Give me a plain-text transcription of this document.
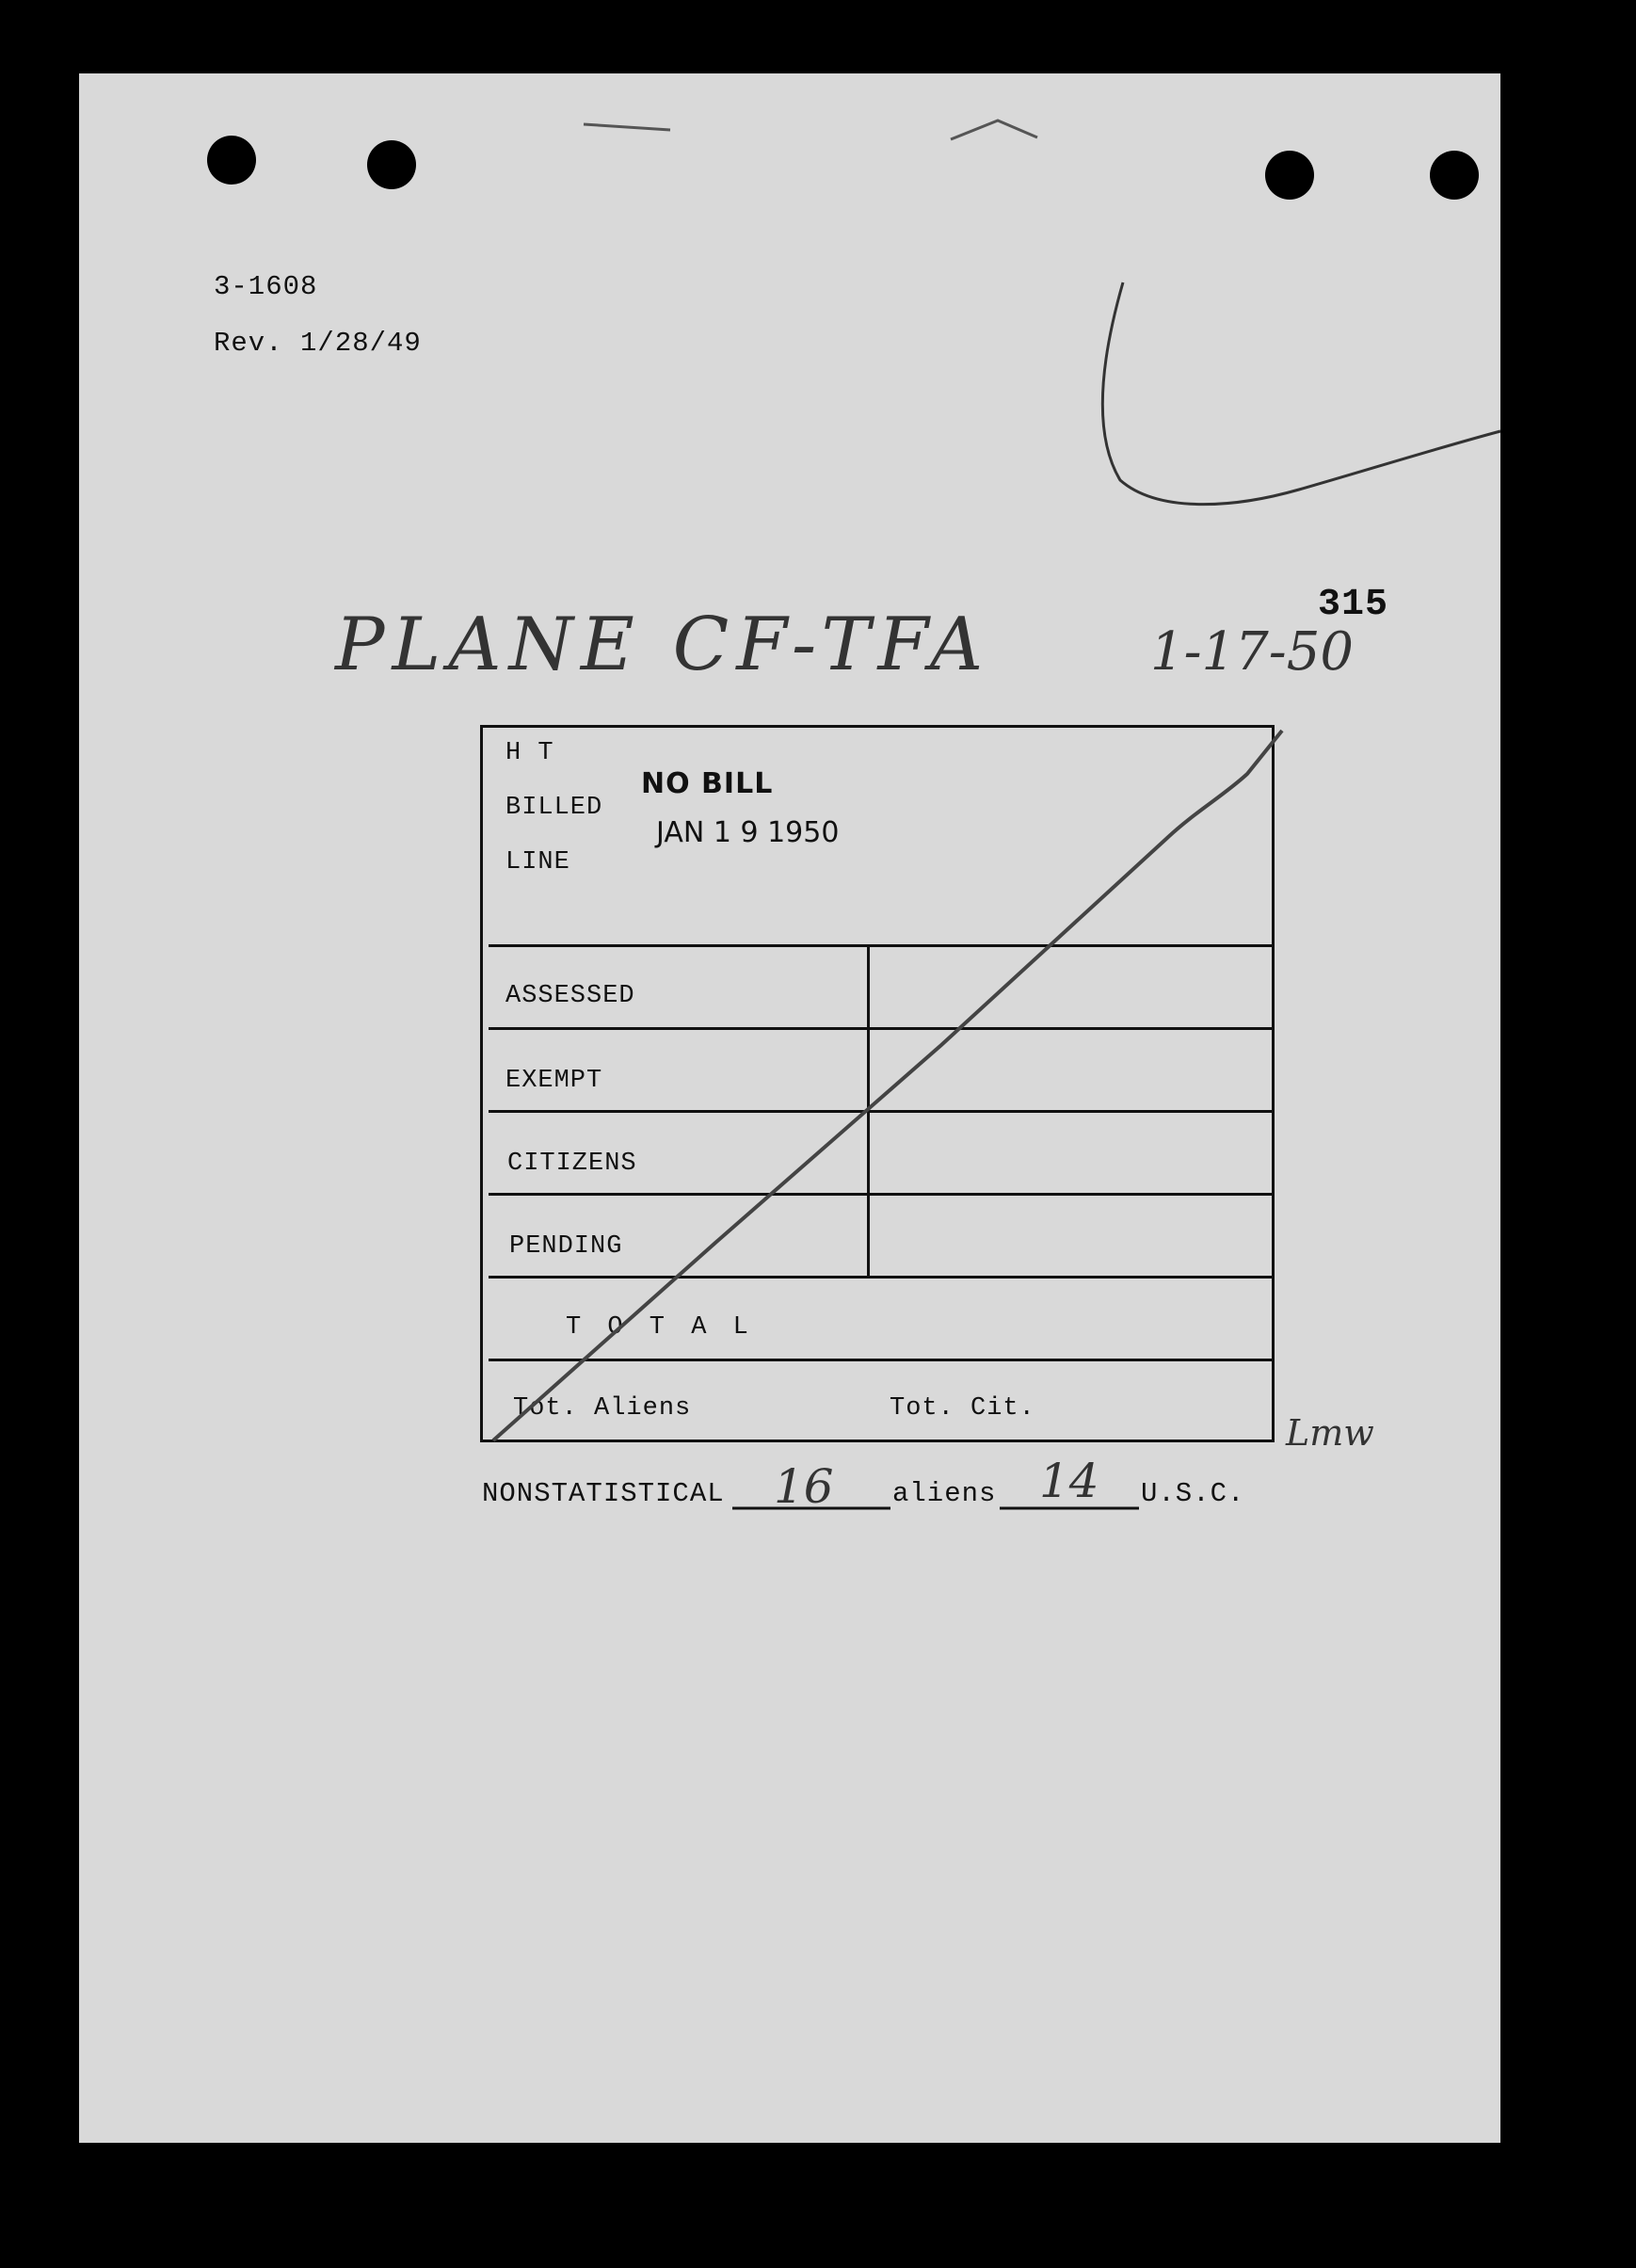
3-1608
Rev. 1/28/49
PLANE CF-TFA	315
1-17-50
H T
BILLED
LINE
NO BILL
JAN 1 9 1950
ASSESSED
EXEMPT
CITIZENS
PENDING
T O T A L
Tot. Aliens	Tot. Cit.
Lmw
NONSTATISTICAL 16 aliens 14 U.S.C.
